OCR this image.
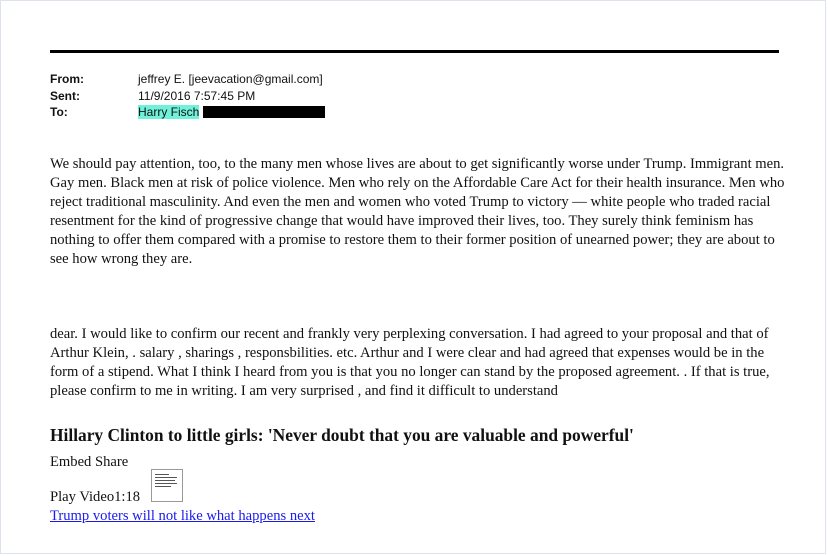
From:	jeffrey E. [jeevacation@gmail.com]
Sent:	11/9/2016 7:57:45 PM
To:	Harry Fisch

We should pay attention, too, to the many men whose lives are about to get significantly worse under Trump. Immigrant men. Gay men. Black men at risk of police violence. Men who rely on the Affordable Care Act for their health insurance. Men who reject traditional masculinity. And even the men and women who voted Trump to victory — white people who traded racial resentment for the kind of progressive change that would have improved their lives, too. They surely think feminism has nothing to offer them compared with a promise to restore them to their former position of unearned power; they are about to see how wrong they are.

dear. I would like to confirm our recent and frankly very perplexing conversation. I had agreed to your proposal and that of Arthur Klein, . salary , sharings , responsbilities. etc. Arthur and I were clear and had agreed that expenses would be in the form of a stipend. What I think I heard from you is that you no longer can stand by the proposed agreement. . If that is true, please confirm to me in writing. I am very surprised , and find it difficult to understand

Hillary Clinton to little girls: 'Never doubt that you are valuable and powerful'
Embed Share
Play Video1:18
Trump voters will not like what happens next
